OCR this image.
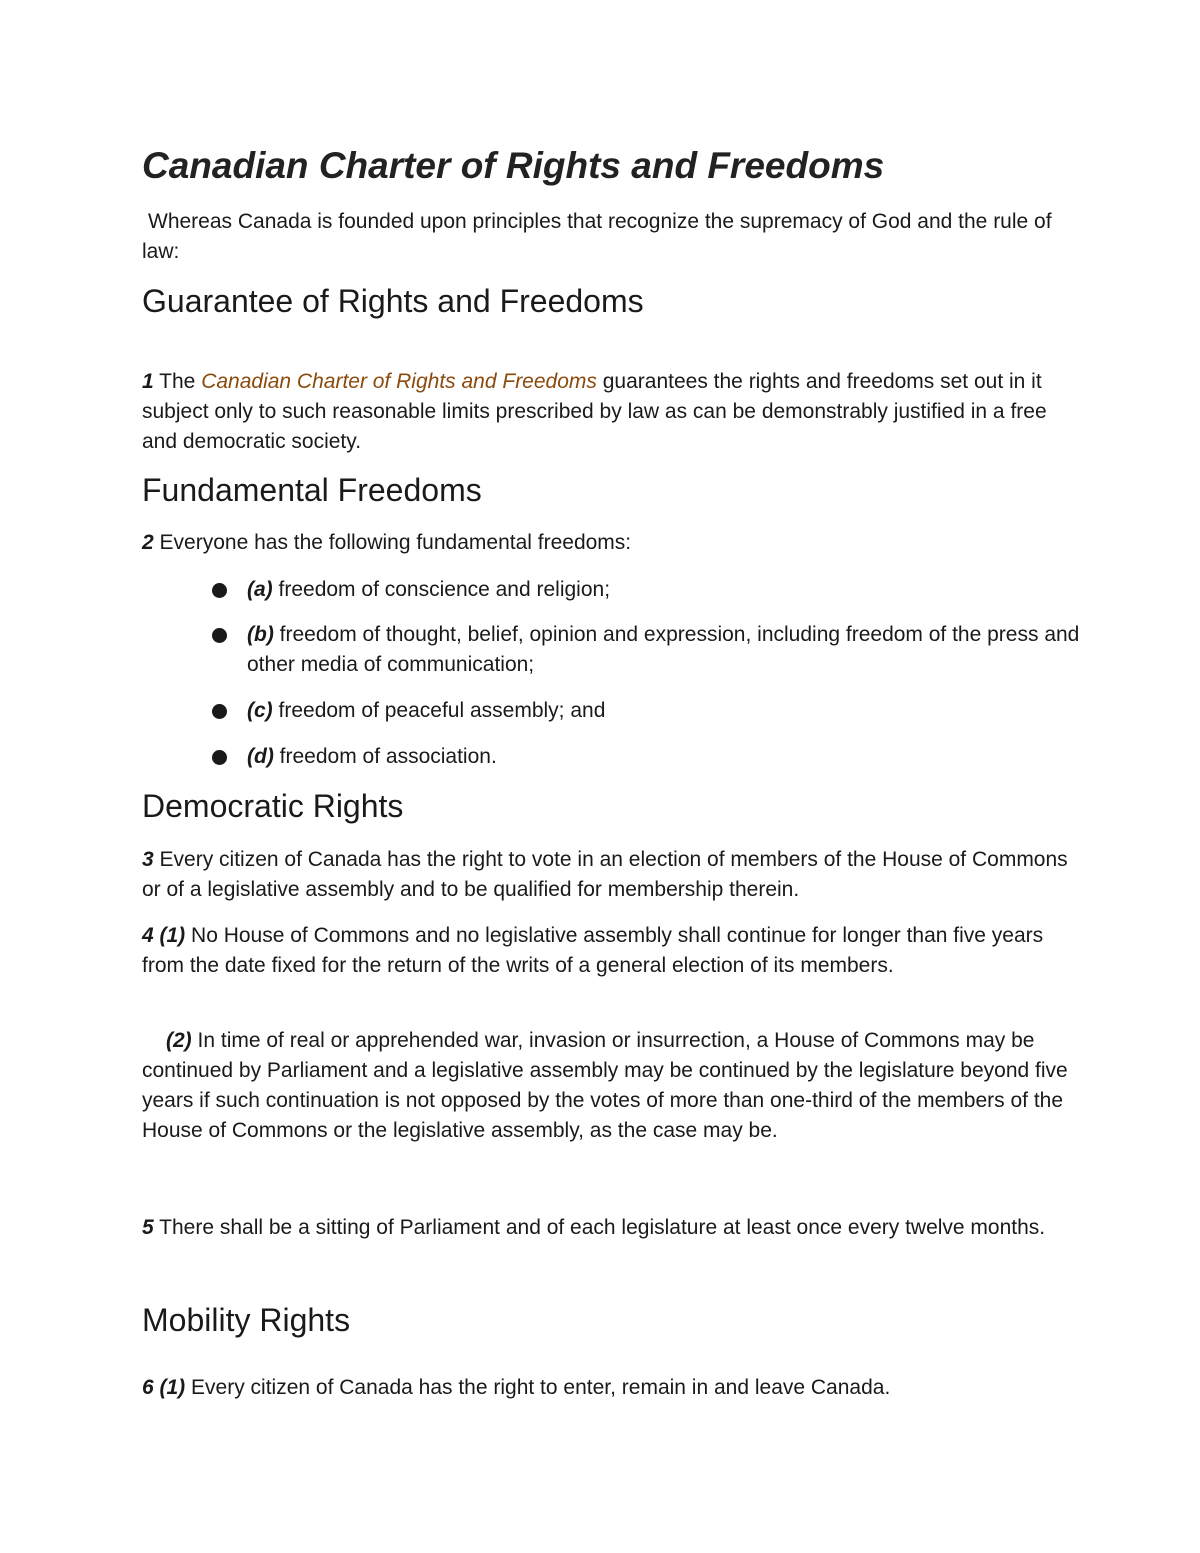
Canadian Charter of Rights and Freedoms

Whereas Canada is founded upon principles that recognize the supremacy of God and the rule of law:

Guarantee of Rights and Freedoms

1 The Canadian Charter of Rights and Freedoms guarantees the rights and freedoms set out in it subject only to such reasonable limits prescribed by law as can be demonstrably justified in a free and democratic society.

Fundamental Freedoms

2 Everyone has the following fundamental freedoms:

(a) freedom of conscience and religion;
(b) freedom of thought, belief, opinion and expression, including freedom of the press and other media of communication;
(c) freedom of peaceful assembly; and
(d) freedom of association.
Democratic Rights

3 Every citizen of Canada has the right to vote in an election of members of the House of Commons or of a legislative assembly and to be qualified for membership therein.

4 (1) No House of Commons and no legislative assembly shall continue for longer than five years from the date fixed for the return of the writs of a general election of its members.

(2) In time of real or apprehended war, invasion or insurrection, a House of Commons may be continued by Parliament and a legislative assembly may be continued by the legislature beyond five years if such continuation is not opposed by the votes of more than one-third of the members of the House of Commons or the legislative assembly, as the case may be.

5 There shall be a sitting of Parliament and of each legislature at least once every twelve months.

Mobility Rights

6 (1) Every citizen of Canada has the right to enter, remain in and leave Canada.
